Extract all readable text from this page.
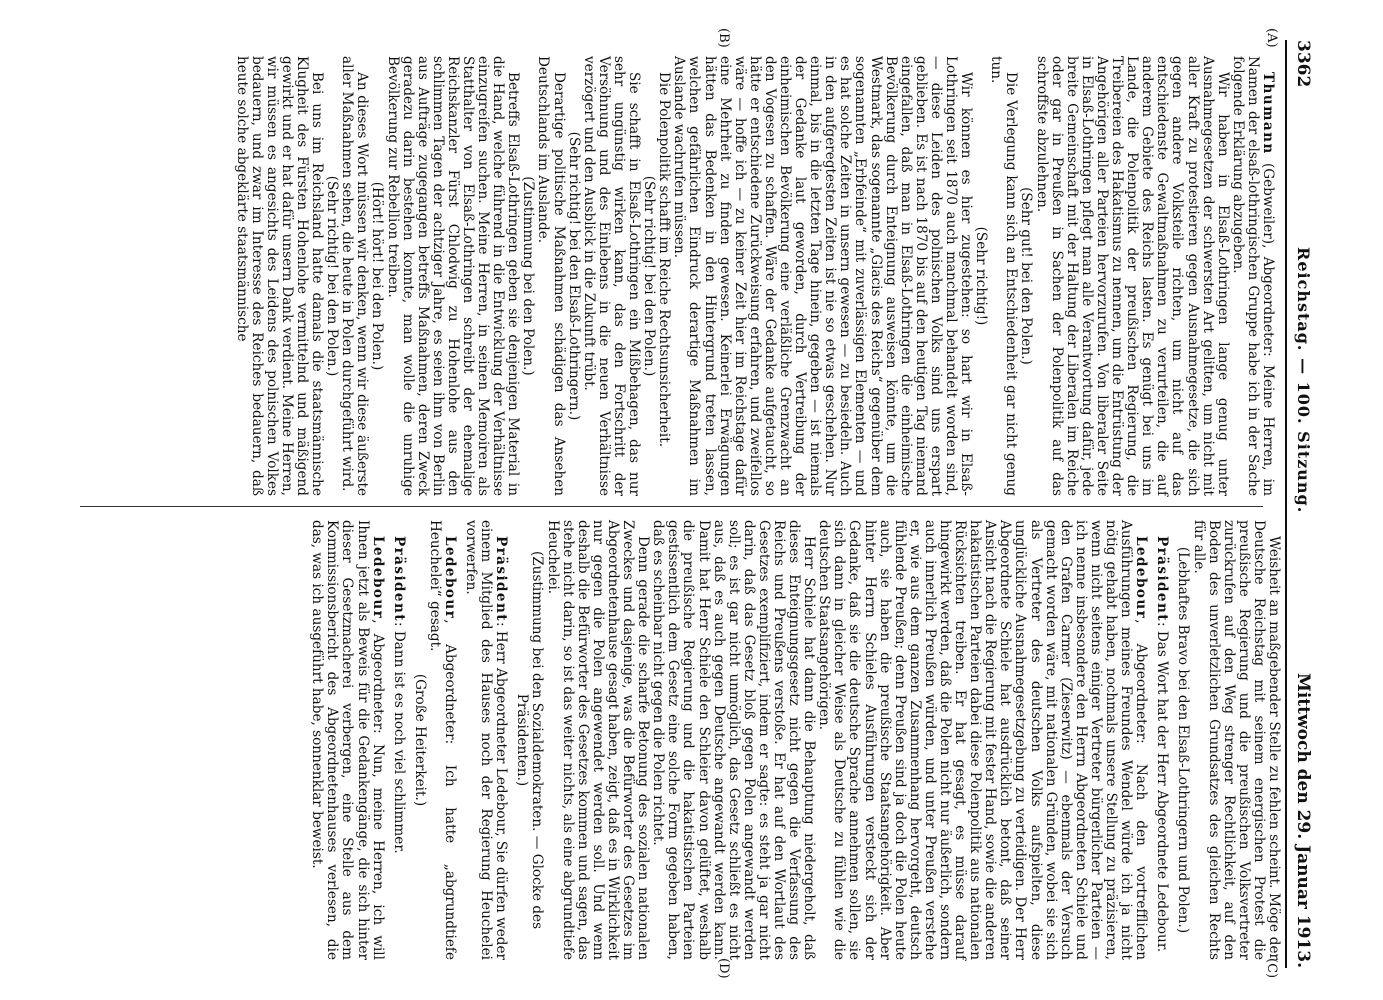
3362
Reichstag. — 100. Sitzung.
Mittwoch den 29. Januar 1913.
(A)
(B)
(C)
(D)

Thumann (Gebweiler), Abgeordneter: Meine Herren, im Namen der elsaß-lothringischen Gruppe habe ich in der Sache folgende Erklärung abzugeben.

Wir haben in Elsaß-Lothringen lange genug unter Ausnahmegesetzen der schwersten Art gelitten, um nicht mit aller Kraft zu protestieren gegen Ausnahmegesetze, die sich gegen andere Volksteile richten, um nicht auf das entschiedenste Gewaltmaßnahmen zu verurteilen, die auf anderem Gebiete des Reichs lasten. Es genügt bei uns im Lande, die Polenpolitik der preußischen Regierung, die Treibereien des Hakatismus zu nennen, um die Entrüstung der Angehörigen aller Parteien hervorzurufen. Von liberaler Seite in Elsaß-Lothringen pflegt man alle Verantwortung dafür, jede breite Gemeinschaft mit der Haltung der Liberalen im Reiche oder gar in Preußen in Sachen der Polenpolitik auf das schroffste abzulehnen.

(Sehr gut! bei den Polen.)

Die Verlegung kann sich an Entschiedenheit gar nicht genug tun.

(Sehr richtig!)

Wir können es hier zugestehen: so hart wir in Elsaß-Lothringen seit 1870 auch manchmal behandelt worden sind, — diese Leiden des polnischen Volks sind uns erspart geblieben. Es ist nach 1870 bis auf den heutigen Tag niemand eingefallen, daß man in Elsaß-Lothringen die einheimische Bevölkerung durch Enteignung ausweisen könnte, um die Westmark, das sogenannte „Glacis des Reichs“ gegenüber dem sogenannten „Erbfeinde“ mit zuverlässigen Elementen — und es hat solche Zeiten in unsern gewesen — zu besiedeln. Auch in den aufgeregtesten Zeiten ist nie so etwas geschehen. Nur einmal, bis in die letzten Tage hinein, gegeben — ist niemals der Gedanke laut geworden, durch Vertreibung der einheimischen Bevölkerung eine verläßliche Grenzwacht an den Vogesen zu schaffen. Wäre der Gedanke aufgetaucht, so hätte er entschiedene Zurückweisung erfahren, und zweifellos wäre — hoffe ich — zu keiner Zeit hier im Reichstage dafür eine Mehrheit zu finden gewesen. Keinerlei Erwägungen hätten das Bedenken in den Hintergrund treten lassen, welchen gefährlichen Eindruck derartige Maßnahmen im Auslande wachrufen müssen.

Die Polenpolitik schafft im Reiche Rechtsunsicherheit.

(Sehr richtig! bei den Polen.)

Sie schafft in Elsaß-Lothringen ein Mißbehagen, das nur sehr ungünstig wirken kann, das den Fortschritt der Versöhnung und des Einlebens in die neuen Verhältnisse verzögert und den Ausblick in die Zukunft trübt.

(Sehr richtig! bei den Elsaß-Lothringern.)

Derartige politische Maßnahmen schädigen das Ansehen Deutschlands im Auslande.

(Zustimmung bei den Polen.)

Betreffs Elsaß-Lothringen geben sie denjenigen Material in die Hand, welche führend in die Entwicklung der Verhältnisse einzugreifen suchen. Meine Herren, in seinen Memoiren als Statthalter von Elsaß-Lothringen schreibt der ehemalige Reichskanzler Fürst Chlodwig zu Hohenlohe aus den schlimmen Tagen der achtziger Jahre, es seien ihm von Berlin aus Aufträge zugegangen betreffs Maßnahmen, deren Zweck geradezu darin bestehen konnte, man wolle die unruhige Bevölkerung zur Rebellion treiben.

(Hört! hört! bei den Polen.)

An dieses Wort müssen wir denken, wenn wir diese äußerste aller Maßnahmen sehen, die heute in Polen durchgeführt wird.

(Sehr richtig! bei den Polen.)

Bei uns im Reichsland hatte damals die staatsmännische Klugheit des Fürsten Hohenlohe vermittelnd und mäßigend gewirkt und er hat dafür unsern Dank verdient. Meine Herren, wir müssen es angesichts des Leidens des polnischen Volkes bedauern, und zwar im Interesse des Reiches bedauern, daß heute solche abgeklärte staatsmännische

Weisheit an maßgebender Stelle zu fehlen scheint. Möge der Deutsche Reichstag mit seinem energischen Protest die preußische Regierung und die preußischen Volksvertreter zurückrufen auf den Weg strenger Rechtlichkeit, auf den Boden des unverletzlichen Grundsatzes des gleichen Rechts für alle.

(Lebhaftes Bravo bei den Elsaß-Lothringern und Polen.)

Präsident: Das Wort hat der Herr Abgeordnete Ledebour.

Ledebour, Abgeordneter: Nach den vortrefflichen Ausführungen meines Freundes Wendel würde ich ja nicht nötig gehabt haben, nochmals unsere Stellung zu präzisieren, wenn nicht seitens einiger Vertreter bürgerlicher Parteien — ich nenne insbesondere den Herrn Abgeordneten Schiele und den Grafen Carmer (Zieserwitz) — ebenmals der Versuch gemacht worden wäre, mit nationalen Gründen, wobei sie sich als Vertreter des deutschen Volks aufspielten, diese unglückliche Ausnahmegesetzgebung zu verteidigen. Der Herr Abgeordnete Schiele hat ausdrücklich betont, daß seiner Ansicht nach die Regierung mit fester Hand, sowie die anderen hakatistischen Parteien dabei diese Polenpolitik aus nationalen Rücksichten treiben. Er hat gesagt, es müsse darauf hingewirkt werden, daß die Polen nicht nur äußerlich, sondern auch innerlich Preußen würden, und unter Preußen verstehe er, wie aus dem ganzen Zusammenhang hervorgeht, deutsch fühlende Preußen; denn Preußen sind ja doch die Polen heute auch, sie haben die preußische Staatsangehörigkeit. Aber hinter Herrn Schieles Ausführungen versteckt sich der Gedanke, daß sie die deutsche Sprache annehmen sollen, sie sich dann in gleicher Weise als Deutsche zu fühlen wie die deutschen Staatsangehörigen.

Herr Schiele hat dann die Behauptung niedergeholt, daß dieses Enteignungsgesetz nicht gegen die Verfassung des Reichs und Preußens verstoße. Er hat auf den Wortlaut des Gesetzes exemplifiziert, indem er sagte: es steht ja gar nicht darin, daß das Gesetz bloß gegen Polen angewandt werden soll; es ist gar nicht unmöglich, das Gesetz schließt es nicht aus, daß es auch gegen Deutsche angewandt werden kann. Damit hat Herr Schiele den Schleier davon gelüftet, weshalb die preußische Regierung und die hakatistischen Parteien gestissentlich dem Gesetz eine solche Form gegeben haben, daß es scheinbar nicht gegen die Polen richtet.

Denn gerade die scharfe Betonung des sozialen nationalen Zweckes und dasjenige, was die Befürworter des Gesetzes im Abgeordnetenhause gesagt haben, zeigt, daß es in Wirklichkeit nur gegen die Polen angewendet werden soll. Und wenn deshalb die Befürworter des Gesetzes kommen und sagen, das stehe nicht darin, so ist das weiter nichts, als eine abgrundtiefe Heuchelei.

(Zustimmung bei den Sozialdemokraten. — Glocke des Präsidenten.)

Präsident: Herr Abgeordneter Ledebour, Sie dürfen weder einem Mitglied des Hauses noch der Regierung Heuchelei vorwerfen.

Ledebour, Abgeordneter: Ich hatte „abgrundtiefe Heuchelei“ gesagt.

(Große Heiterkeit.)

Präsident: Dann ist es noch viel schlimmer.

Ledebour, Abgeordneter: Nun, meine Herren, ich will Ihnen jetzt als Beweis für die Gedankengänge, die sich hinter dieser Gesetzmacherei verbergen, eine Stelle aus dem Kommissionsbericht des Abgeordnetenhauses verlesen, die das, was ich ausgeführt habe, sonnenklar beweist.
